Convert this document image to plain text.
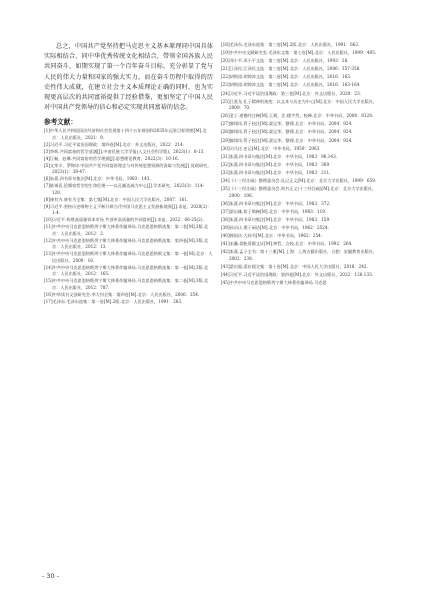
总之，中国共产党坚持把马克思主义基本原理同中国具体实际相结合、同中华优秀传统文化相结合，带领全国各族人民共同奋斗，如期实现了第一个百年奋斗目标，充分彰显了党与人民的伟大力量和国家的强大实力。而在奋斗历程中取得的历史性伟大成就，在建立社会主义本质理论正确的同时，也为实现更高层次的共同富裕提供了经验借鉴，更加坚定了中国人民对中国共产党领导的信心和必定实现共同富裕的信念。

参考文献：

[1]中华人民共和国国民经济和社会发展第十四个五年规划和2035年远景目标纲要[M].北京：人民出版社，2021：9.

[2]习近平.习近平谈治国理政：第四卷[M].北京：外文出版社，2022：214.

[3]李辉.共同富裕的哲学意涵[J].中南民族大学学报(人文社会科学版)，2023(1)：8-13.

[4]江畅，赵琳.共同富裕的哲学理据[J].思想理论教育，2022(3)：10-16.

[5]文荣丰，罗锦诗.中国共产党共同富裕理念与对传统思想资源的汲取与发展[J].党政研究，2023(1)：38-47.

[6]朱熹.四书章句集注[M].北京：中华书局，1983：143.

[7]陈锡喜.论儒家哲学的生命伦理——以孔颖达疏为中心[J].学术研究，2023(3)：114-120.

[8]康有为.康有为全集：第七集[M].北京：中国人民大学出版社，2007：161.

[9]习近平.坚持历史唯物主义不断开辟当代中国马克思主义发展新境界[J].求是，2020(2)：1-4.

[10]习近平.构建高质量资本市场 共创更高质量的共同富裕[J].求是，2022：66-25(2).

[11]中共中央马克思恩格斯列宁斯大林著作编译局.马克思恩格斯选集：第二卷[M].3版.北京：人民出版社，2012：2.

[12]中共中央马克思恩格斯列宁斯大林著作编译局.马克思恩格斯选集：第四卷[M].3版.北京：人民出版社，2012：13.

[13]中共中央马克思恩格斯列宁斯大林著作编译局.马克思恩格斯文集：第一卷[M].北京：人民出版社，2009：16.

[14]中共中央马克思恩格斯列宁斯大林著作编译局.马克思恩格斯选集：第一卷[M].3版.北京：人民出版社，2012：165.

[15]中共中央马克思恩格斯列宁斯大林著作编译局.马克思恩格斯选集：第二卷[M].3版.北京：人民出版社，2012：787.

[16]中华读书文创研究会.李大钊全集：第四卷[M].北京：人民出版社，2006：354.

[17]毛泽东.毛泽东选集：第一卷[M].2版.北京：人民出版社，1991：283.

[18]毛泽东.毛泽东选集：第三卷[M].2版.北京：人民出版社，1991：663.

[19]中共中央文献研究室.毛泽东文集：第七卷[M].北京：人民出版社，1999：495.

[20]邓小平.邓小平文选：第三卷[M].北京：人民出版社，1993：28.

[21]江泽民.江泽民文选：第三卷[M].北京：人民出版社，2006：357-358.

[22]胡锦涛.胡锦涛文选：第二卷[M].北京：人民出版社，2016：163.

[23]胡锦涛.胡锦涛文选：第三卷[M].北京：人民出版社，2016：163-164.

[24]习近平.习近平谈治国理政：第三卷[M].北京：外文出版社，2020：23.

[25]吕嘉戈.孔子精神的演变：以文本与历史为中心[M].北京：中国人民大学出版社，2009：70.

[26]老子.道德经注释[M].王弼，注.楼宇烈，校释.北京：中华书局，2008：8128.

[27]黎翔凤.管子校注[M].梁运华，整理.北京：中华书局，2004：924.

[28]黎翔凤.管子校注[M].梁运华，整理.北京：中华书局，2004：924.

[29]黎翔凤.管子校注[M].梁运华，整理.北京：中华书局，2004：924.

[30]司马迁.史记[M].北京：中华书局，1959：2963.

[31]朱熹.四书章句集注[M].北京：中华书局，1983：96,143.

[32]朱熹.四书章句集注[M].北京：中华书局，1983：369.

[33]朱熹.四书章句集注[M].北京：中华书局，1983：211.

[34]《十三经注疏》整理委员会.礼记正义[M].北京：北京大学出版社，1999：659.

[35]《十三经注疏》整理委员会.尚书正义(十三经注疏)[M].北京：北京大学出版社，2000：106.

[36]朱熹.四书章句集注[M].北京：中华书局，1983：372.

[37]梁启雄.荀子简释[M].北京：中华书局，1983：119.

[38]朱熹.四书章句集注[M].北京：中华书局，1983：159.

[39]孙诒让.墨子闲诂[M].北京：中华书局，1962：2524.

[40]韩国庆.大同书[M].北京：中华书局，1962：254.

[41]宋濂.晏帐爱颐文证[M].钟哲，点校.北京：中华书局，1992：264.

[42]朱熹.孟子全书：第十三册[M].上海：上海古籍出版社，合肥：安徽教育出版社，2002：238.

[43]梁启超.梁启超全集：第十卷[M].北京：中国人民大学出版社，2018：242.

[44]习近平.习近平谈治国理政：第四卷[M].北京：外文出版社，2022：126-133.

[45]中共中央马克思恩格斯列宁斯大林著作编译局.马克思

- 30 -
